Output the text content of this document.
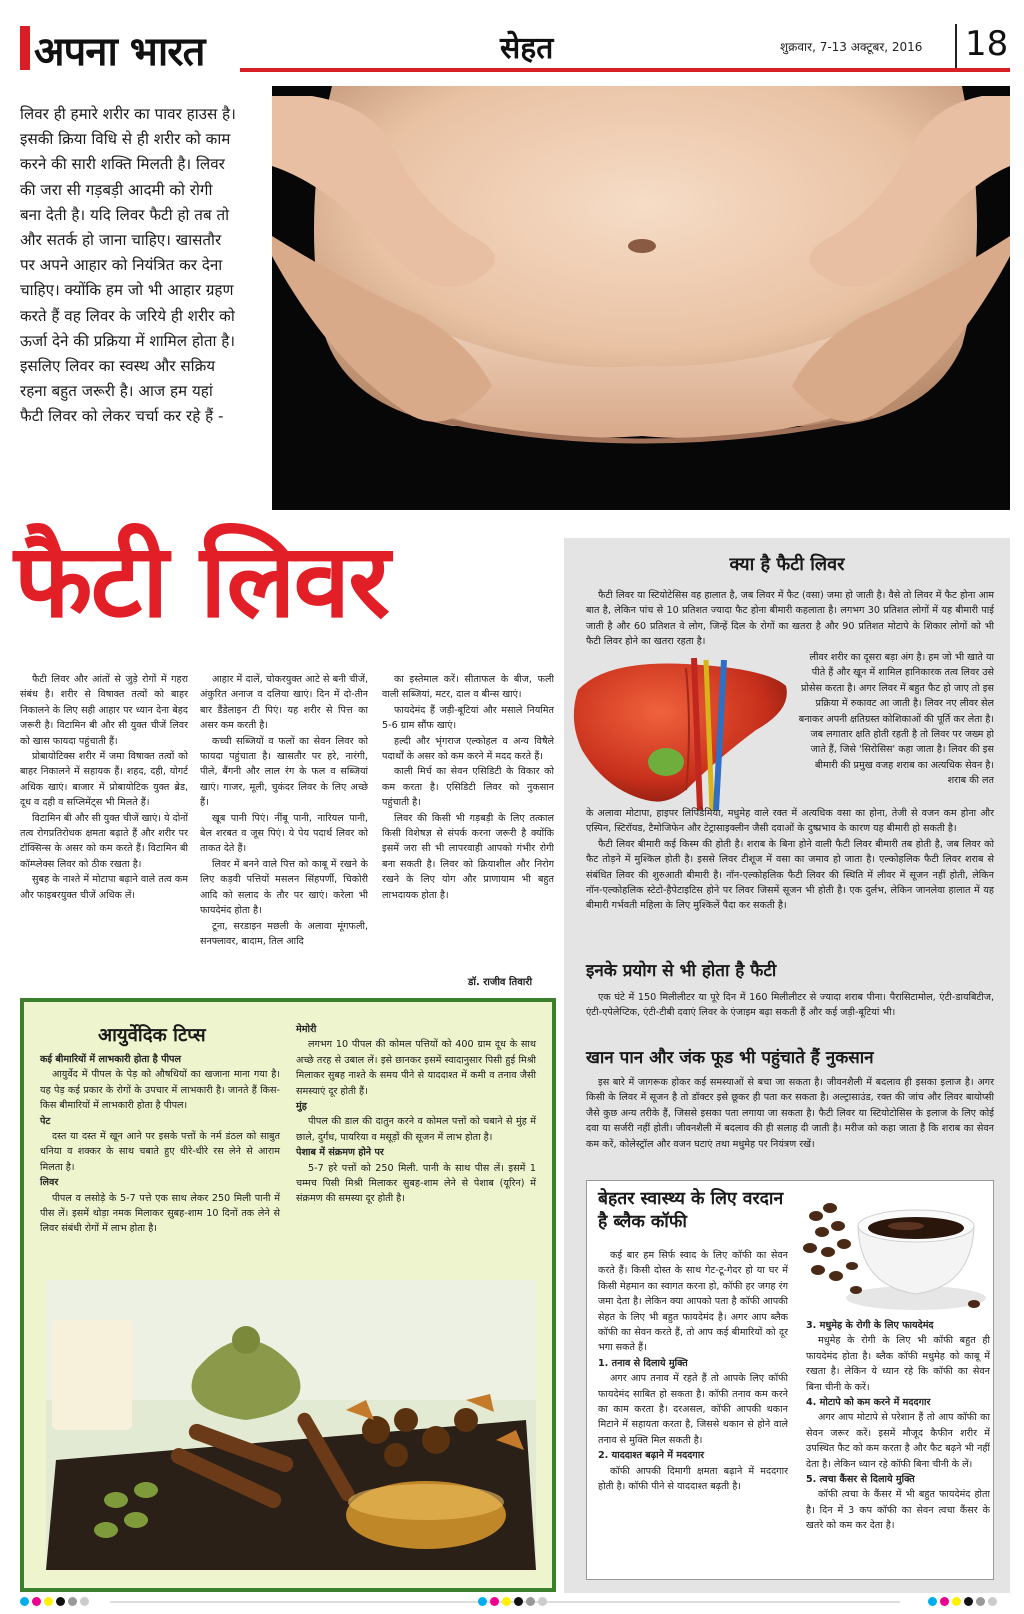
अपना भारत	सेहत	शुक्रवार, 7-13 अक्टूबर, 2016 18
लिवर ही हमारे शरीर का पावर हाउस है। इसकी क्रिया विधि से ही शरीर को काम करने की सारी शक्ति मिलती है। लिवर की जरा सी गड़बड़ी आदमी को रोगी बना देती है। यदि लिवर फैटी हो तब तो और सतर्क हो जाना चाहिए। खासतौर पर अपने आहार को नियंत्रित कर देना चाहिए। क्योंकि हम जो भी आहार ग्रहण करते हैं वह लिवर के जरिये ही शरीर को ऊर्जा देने की प्रक्रिया में शामिल होता है। इसलिए लिवर का स्वस्थ और सक्रिय रहना बहुत जरूरी है। आज हम यहां फैटी लिवर को लेकर चर्चा कर रहे हैं -
फैटी लिवर

फैटी लिवर और आंतों से जुड़े रोगों में गहरा संबंध है। शरीर से विषाक्त तत्वों को बाहर निकालने के लिए सही आहार पर ध्यान देना बेहद जरूरी है। विटामिन बी और सी युक्त चीजें लिवर को खास फायदा पहुंचाती हैं।

प्रोबायोटिक्स शरीर में जमा विषाक्त तत्वों को बाहर निकालने में सहायक हैं। शहद, दही, योगर्ट अधिक खाएं। बाजार में प्रोबायोटिक युक्त ब्रेड, दूध व दही व सप्लिमेंट्स भी मिलते हैं।

विटामिन बी और सी युक्त चीजें खाएं। ये दोनों तत्व रोगप्रतिरोधक क्षमता बढ़ाते हैं और शरीर पर टॉक्सिन्स के असर को कम करते हैं। विटामिन बी कॉम्प्लेक्स लिवर को ठीक रखता है।

सुबह के नाश्ते में मोटापा बढ़ाने वाले तत्व कम और फाइबरयुक्त चीजें अधिक लें।

आहार में दालें, चोकरयुक्त आटे से बनी चीजें, अंकुरित अनाज व दलिया खाएं। दिन में दो-तीन बार डैंडेलाइन टी पिएं। यह शरीर से पित्त का असर कम करती है।

कच्ची सब्जियों व फलों का सेवन लिवर को फायदा पहुंचाता है। खासतौर पर हरे, नारंगी, पीले, बैंगनी और लाल रंग के फल व सब्जियां खाएं। गाजर, मूली, चुकंदर लिवर के लिए अच्छे हैं।

खूब पानी पिएं। नींबू पानी, नारियल पानी, बेल शरबत व जूस पिएं। ये पेय पदार्थ लिवर को ताकत देते हैं।

लिवर में बनने वाले पित्त को काबू में रखने के लिए कड़वी पत्तियों मसलन सिंहपर्णी, चिकोरी आदि को सलाद के तौर पर खाएं। करेला भी फायदेमंद होता है।

टूना, सरडाइन मछली के अलावा मूंगफली, सनफ्लावर, बादाम, तिल आदि

का इस्तेमाल करें। सीताफल के बीज, फली वाली सब्जियां, मटर, दाल व बीन्स खाएं।

फायदेमंद हैं जड़ी-बूटियां और मसाले नियमित 5-6 ग्राम सौंफ खाएं।

हल्दी और भृंगराज एल्कोहल व अन्य विषैले पदार्थों के असर को कम करने में मदद करते हैं।

काली मिर्च का सेवन एसिडिटी के विकार को कम करता है। एसिडिटी लिवर को नुकसान पहुंचाती है।

लिवर की किसी भी गड़बड़ी के लिए तत्काल किसी विशेषज्ञ से संपर्क करना जरूरी है क्योंकि इसमें जरा सी भी लापरवाही आपको गंभीर रोगी बना सकती है। लिवर को क्रियाशील और निरोग रखने के लिए योग और प्राणायाम भी बहुत लाभदायक होता है।

डॉ. राजीव तिवारी
क्या है फैटी लिवर

फैटी लिवर या स्टियोटेसिस वह हालात है, जब लिवर में फैट (वसा) जमा हो जाती है। वैसे तो लिवर में फैट होना आम बात है, लेकिन पांच से 10 प्रतिशत ज्यादा फैट होना बीमारी कहलाता है। लगभग 30 प्रतिशत लोगों में यह बीमारी पाई जाती है और 60 प्रतिशत वे लोग, जिन्हें दिल के रोगों का खतरा है और 90 प्रतिशत मोटापे के शिकार लोगों को भी फैटी लिवर होने का खतरा रहता है।

लीवर शरीर का दूसरा बड़ा अंग है। हम जो भी खाते या पीते हैं और खून में शामिल हानिकारक तत्व लिवर उसे प्रोसेस करता है। अगर लिवर में बहुत फैट हो जाए तो इस प्रक्रिया में रुकावट आ जाती है। लिवर नए लीवर सेल बनाकर अपनी क्षतिग्रस्त कोशिकाओं की पूर्ति कर लेता है। जब लगातार क्षति होती रहती है तो लिवर पर जख्म हो जाते हैं, जिसे 'सिरोसिस' कहा जाता है। लिवर की इस बीमारी की प्रमुख वजह शराब का अत्यधिक सेवन है। शराब की लत

के अलावा मोटापा, हाइपर लिपिडेमिया, मधुमेह वाले रक्त में अत्यधिक वसा का होना, तेजी से वजन कम होना और एस्पिन, स्टिरॉयड, टैमोजिफेन और टेट्रासाइक्लीन जैसी दवाओं के दुष्प्रभाव के कारण यह बीमारी हो सकती है।

फैटी लिवर बीमारी कई किस्म की होती है। शराब के बिना होने वाली फैटी लिवर बीमारी तब होती है, जब लिवर को फैट तोड़ने में मुश्किल होती है। इससे लिवर टीशूज में वसा का जमाव हो जाता है। एल्कोहलिक फैटी लिवर शराब से संबंधित लिवर की शुरुआती बीमारी है। नॉन-एल्कोहलिक फैटी लिवर की स्थिति में लीवर में सूजन नहीं होती, लेकिन नॉन-एल्कोहलिक स्टेटो-हैपेटाइटिस होने पर लिवर जिसमें सूजन भी होती है। एक दुर्लभ, लेकिन जानलेवा हालात में यह बीमारी गर्भवती महिला के लिए मुश्किलें पैदा कर सकती है।

इनके प्रयोग से भी होता है फैटी

एक घंटे में 150 मिलीलीटर या पूरे दिन में 160 मिलीलीटर से ज्यादा शराब पीना। पैरासिटामोल, एंटी-डायबिटीज, एंटी-एपेलेप्टिक, एंटी-टीबी दवाएं लिवर के एंजाइम बढ़ा सकती हैं और कई जड़ी-बूटियां भी।

खान पान और जंक फूड भी पहुंचाते हैं नुकसान

इस बारे में जागरूक होकर कई समस्याओं से बचा जा सकता है। जीवनशैली में बदलाव ही इसका इलाज है। अगर किसी के लिवर में सूजन है तो डॉक्टर इसे छूकर ही पता कर सकता है। अल्ट्रासाउंड, रक्त की जांच और लिवर बायोप्सी जैसे कुछ अन्य तरीके हैं, जिससे इसका पता लगाया जा सकता है। फैटी लिवर या स्टियोटोसिस के इलाज के लिए कोई दवा या सर्जरी नहीं होती। जीवनशैली में बदलाव की ही सलाह दी जाती है। मरीज को कहा जाता है कि शराब का सेवन कम करें, कोलेस्ट्रॉल और वजन घटाएं तथा मधुमेह पर नियंत्रण रखें।

बेहतर स्वास्थ्य के लिए वरदान है ब्लैक कॉफी

कई बार हम सिर्फ स्वाद के लिए कॉफी का सेवन करते हैं। किसी दोस्त के साथ गेट-टू-गेदर हो या घर में किसी मेहमान का स्वागत करना हो, कॉफी हर जगह रंग जमा देता है। लेकिन क्या आपको पता है कॉफी आपकी सेहत के लिए भी बहुत फायदेमंद है। अगर आप ब्लैक कॉफी का सेवन करते हैं, तो आप कई बीमारियों को दूर भगा सकते हैं।

1. तनाव से दिलाये मुक्ति

अगर आप तनाव में रहते हैं तो आपके लिए कॉफी फायदेमंद साबित हो सकता है। कॉफी तनाव कम करने का काम करता है। दरअसल, कॉफी आपकी थकान मिटाने में सहायता करता है, जिससे थकान से होने वाले तनाव से मुक्ति मिल सकती है।

2. याददाश्त बढ़ाने में मददगार

कॉफी आपकी दिमागी क्षमता बढ़ाने में मददगार होती है। कॉफी पीने से याददाश्त बढ़ती है।

3. मधुमेह के रोगी के लिए फायदेमंद

मधुमेह के रोगी के लिए भी कॉफी बहुत ही फायदेमंद होता है। ब्लैक कॉफी मधुमेह को काबू में रखता है। लेकिन ये ध्यान रहे कि कॉफी का सेवन बिना चीनी के करें।

4. मोटापे को कम करने में मददगार

अगर आप मोटापे से परेशान हैं तो आप कॉफी का सेवन जरूर करें। इसमें मौजूद कैफीन शरीर में उपस्थित फैट को कम करता है और फैट बढ़ने भी नहीं देता है। लेकिन ध्यान रहे कॉफी बिना चीनी के लें।

5. त्वचा कैंसर से दिलाये मुक्ति

कॉफी त्वचा के कैंसर में भी बहुत फायदेमंद होता है। दिन में 3 कप कॉफी का सेवन त्वचा कैंसर के खतरे को कम कर देता है।

आयुर्वेदिक टिप्स

कई बीमारियों में लाभकारी होता है पीपल

आयुर्वेद में पीपल के पेड़ को औषधियों का खजाना माना गया है। यह पेड़ कई प्रकार के रोगों के उपचार में लाभकारी है। जानते हैं किस-किस बीमारियों में लाभकारी होता है पीपल।

पेट

दस्त या दस्त में खून आने पर इसके पत्तों के नर्म डंठल को साबुत धनिया व शक्कर के साथ चबाते हुए धीरे-धीरे रस लेने से आराम मिलता है।

लिवर

पीपल व लसोड़े के 5-7 पत्ते एक साथ लेकर 250 मिली पानी में पीस लें। इसमें थोड़ा नमक मिलाकर सुबह-शाम 10 दिनों तक लेने से लिवर संबंधी रोगों में लाभ होता है।

मेमोरी

लगभग 10 पीपल की कोमल पत्तियों को 400 ग्राम दूध के साथ अच्छे तरह से उबाल लें। इसे छानकर इसमें स्वादानुसार पिसी हुई मिश्री मिलाकर सुबह नाश्ते के समय पीने से याददाश्त में कमी व तनाव जैसी समस्याएं दूर होती हैं।

मुंह

पीपल की डाल की दातुन करने व कोमल पत्तों को चबाने से मुंह में छाले, दुर्गंध, पायरिया व मसूड़ों की सूजन में लाभ होता है।

पेशाब में संक्रमण होने पर

5-7 हरे पत्तों को 250 मिली. पानी के साथ पीस लें। इसमें 1 चम्मच पिसी मिश्री मिलाकर सुबह-शाम लेने से पेशाब (यूरिन) में संक्रमण की समस्या दूर होती है।
